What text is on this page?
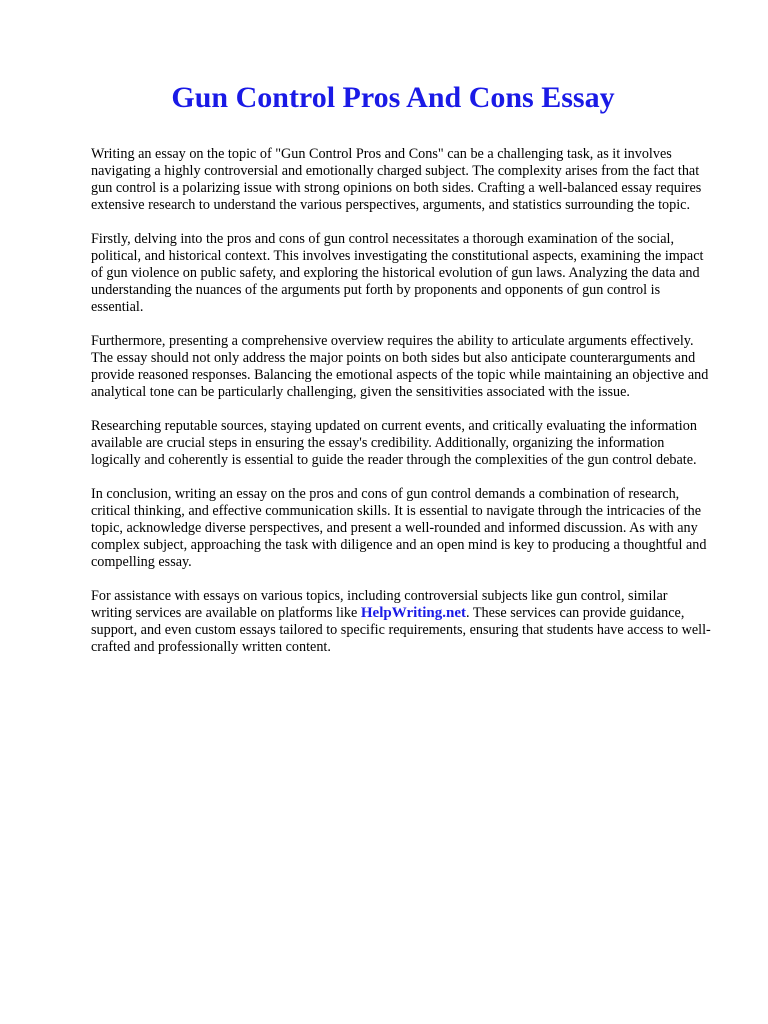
Gun Control Pros And Cons Essay

Writing an essay on the topic of "Gun Control Pros and Cons" can be a challenging task, as it involves navigating a highly controversial and emotionally charged subject. The complexity arises from the fact that gun control is a polarizing issue with strong opinions on both sides. Crafting a well-balanced essay requires extensive research to understand the various perspectives, arguments, and statistics surrounding the topic.

Firstly, delving into the pros and cons of gun control necessitates a thorough examination of the social, political, and historical context. This involves investigating the constitutional aspects, examining the impact of gun violence on public safety, and exploring the historical evolution of gun laws. Analyzing the data and understanding the nuances of the arguments put forth by proponents and opponents of gun control is essential.

Furthermore, presenting a comprehensive overview requires the ability to articulate arguments effectively. The essay should not only address the major points on both sides but also anticipate counterarguments and provide reasoned responses. Balancing the emotional aspects of the topic while maintaining an objective and analytical tone can be particularly challenging, given the sensitivities associated with the issue.

Researching reputable sources, staying updated on current events, and critically evaluating the information available are crucial steps in ensuring the essay's credibility. Additionally, organizing the information logically and coherently is essential to guide the reader through the complexities of the gun control debate.

In conclusion, writing an essay on the pros and cons of gun control demands a combination of research, critical thinking, and effective communication skills. It is essential to navigate through the intricacies of the topic, acknowledge diverse perspectives, and present a well-rounded and informed discussion. As with any complex subject, approaching the task with diligence and an open mind is key to producing a thoughtful and compelling essay.

For assistance with essays on various topics, including controversial subjects like gun control, similar writing services are available on platforms like HelpWriting.net. These services can provide guidance, support, and even custom essays tailored to specific requirements, ensuring that students have access to well-crafted and professionally written content.
